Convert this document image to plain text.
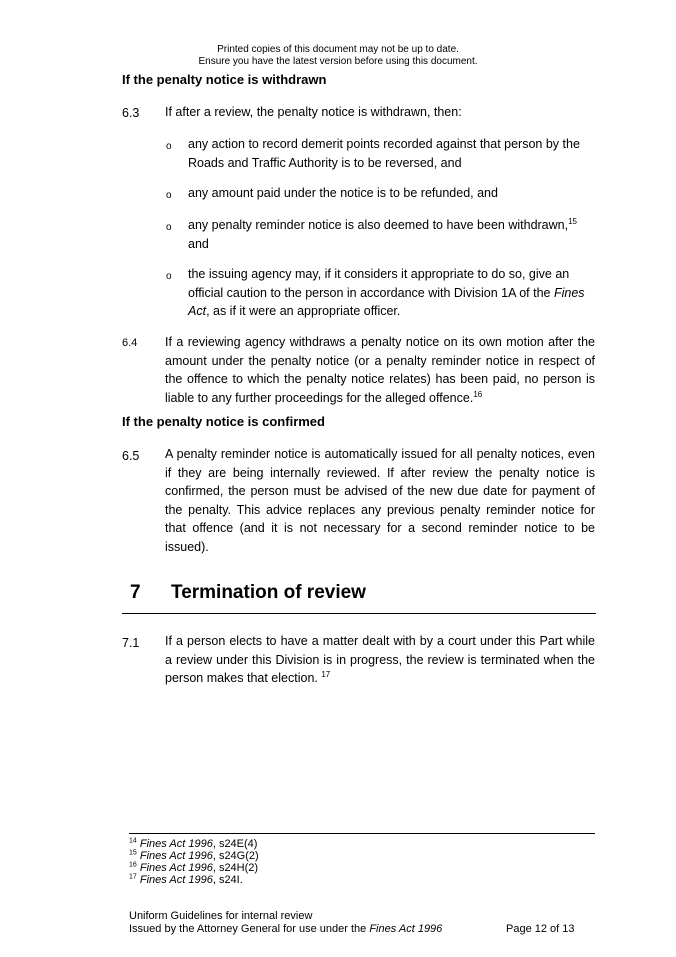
Printed copies of this document may not be up to date.
Ensure you have the latest version before using this document.
If the penalty notice is withdrawn
6.3 If after a review, the penalty notice is withdrawn, then:
o any action to record demerit points recorded against that person by the Roads and Traffic Authority is to be reversed, and
o any amount paid under the notice is to be refunded, and
o any penalty reminder notice is also deemed to have been withdrawn,$^{15}$
and
o the issuing agency may, if it considers it appropriate to do so, give an official caution to the person in accordance with Division 1A of the Fines Act, as if it were an appropriate officer.
6.4 If a reviewing agency withdraws a penalty notice on its own motion after the amount under the penalty notice (or a penalty reminder notice in respect of the offence to which the penalty notice relates) has been paid, no person is liable to any further proceedings for the alleged offence.$^{16}$
If the penalty notice is confirmed
6.5 A penalty reminder notice is automatically issued for all penalty notices, even if they are being internally reviewed. If after review the penalty notice is confirmed, the person must be advised of the new due date for payment of the penalty. This advice replaces any previous penalty reminder notice for that offence (and it is not necessary for a second reminder notice to be issued).
7 Termination of review
7.1 If a person elects to have a matter dealt with by a court under this Part while a review under this Division is in progress, the review is terminated when the person makes that election. $^{17}$
$^{14}$ Fines Act 1996, s24E(4)
$^{15}$ Fines Act 1996, s24G(2)
$^{16}$ Fines Act 1996, s24H(2)
$^{17}$ Fines Act 1996, s24I.
Uniform Guidelines for internal review
Issued by the Attorney General for use under the Fines Act 1996	Page 12 of 13
